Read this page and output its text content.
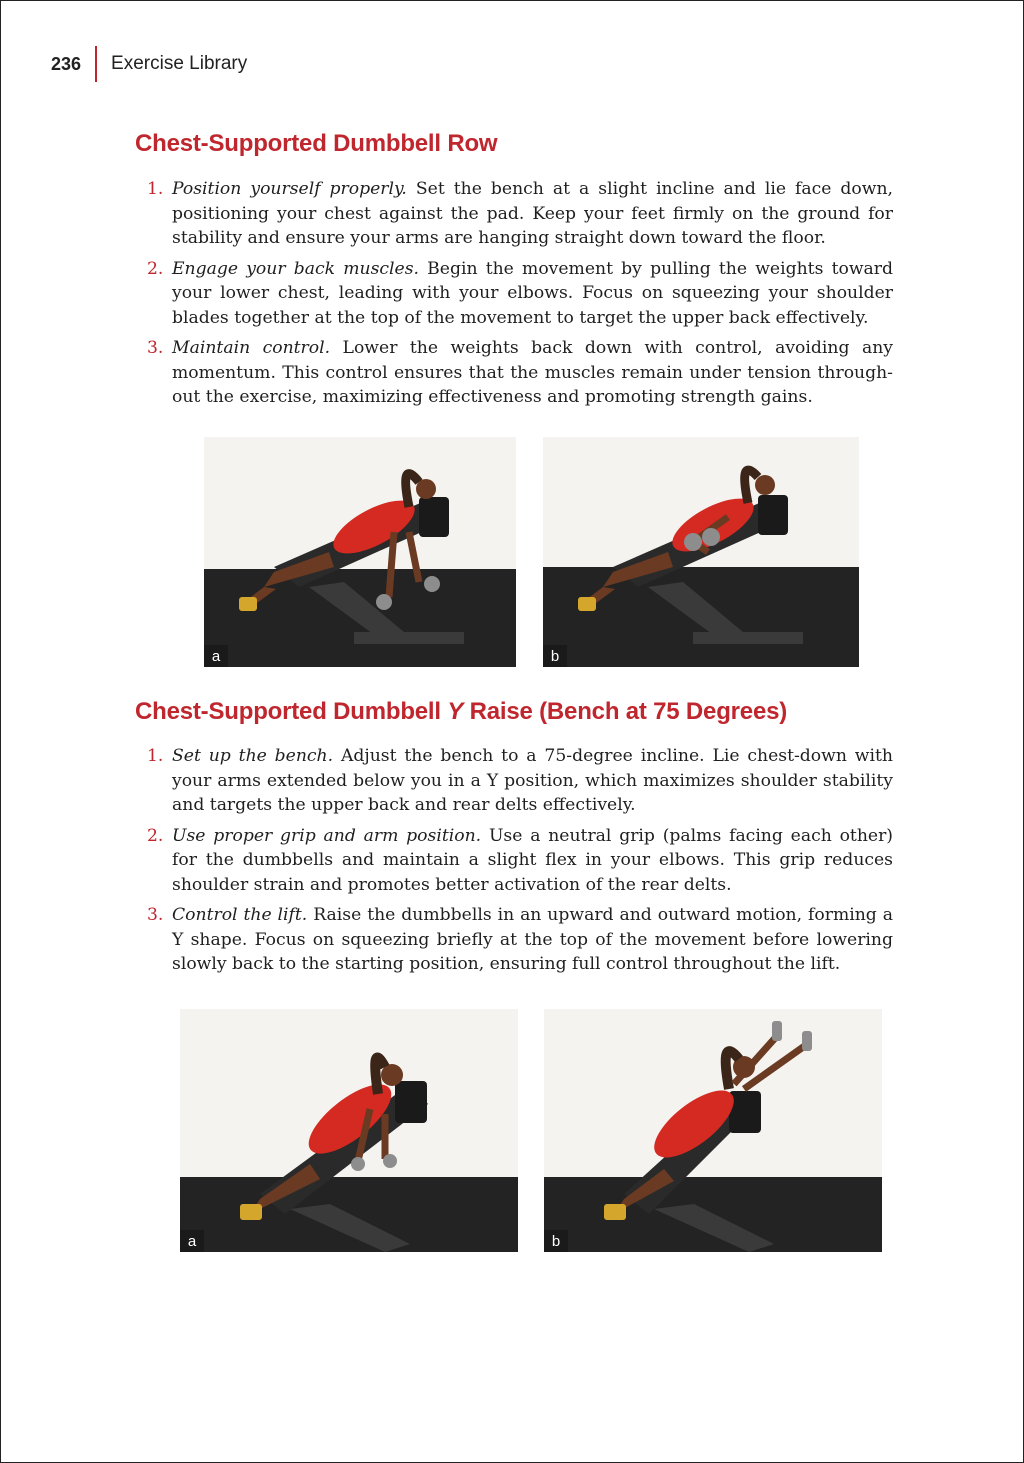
236 Exercise Library
Chest-Supported Dumbbell Row
1. Position yourself properly. Set the bench at a slight incline and lie face down, positioning your chest against the pad. Keep your feet firmly on the ground for stability and ensure your arms are hanging straight down toward the floor.
2. Engage your back muscles. Begin the movement by pulling the weights toward your lower chest, leading with your elbows. Focus on squeezing your shoulder blades together at the top of the movement to target the upper back effectively.
3. Maintain control. Lower the weights back down with control, avoiding any momentum. This control ensures that the muscles remain under tension through-out the exercise, maximizing effectiveness and promoting strength gains.
a	b
Chest-Supported Dumbbell Y Raise (Bench at 75 Degrees)
1. Set up the bench. Adjust the bench to a 75-degree incline. Lie chest-down with your arms extended below you in a Y position, which maximizes shoulder stability and targets the upper back and rear delts effectively.
2. Use proper grip and arm position. Use a neutral grip (palms facing each other) for the dumbbells and maintain a slight flex in your elbows. This grip reduces shoulder strain and promotes better activation of the rear delts.
3. Control the lift. Raise the dumbbells in an upward and outward motion, forming a Y shape. Focus on squeezing briefly at the top of the movement before lowering slowly back to the starting position, ensuring full control throughout the lift.
a	b
